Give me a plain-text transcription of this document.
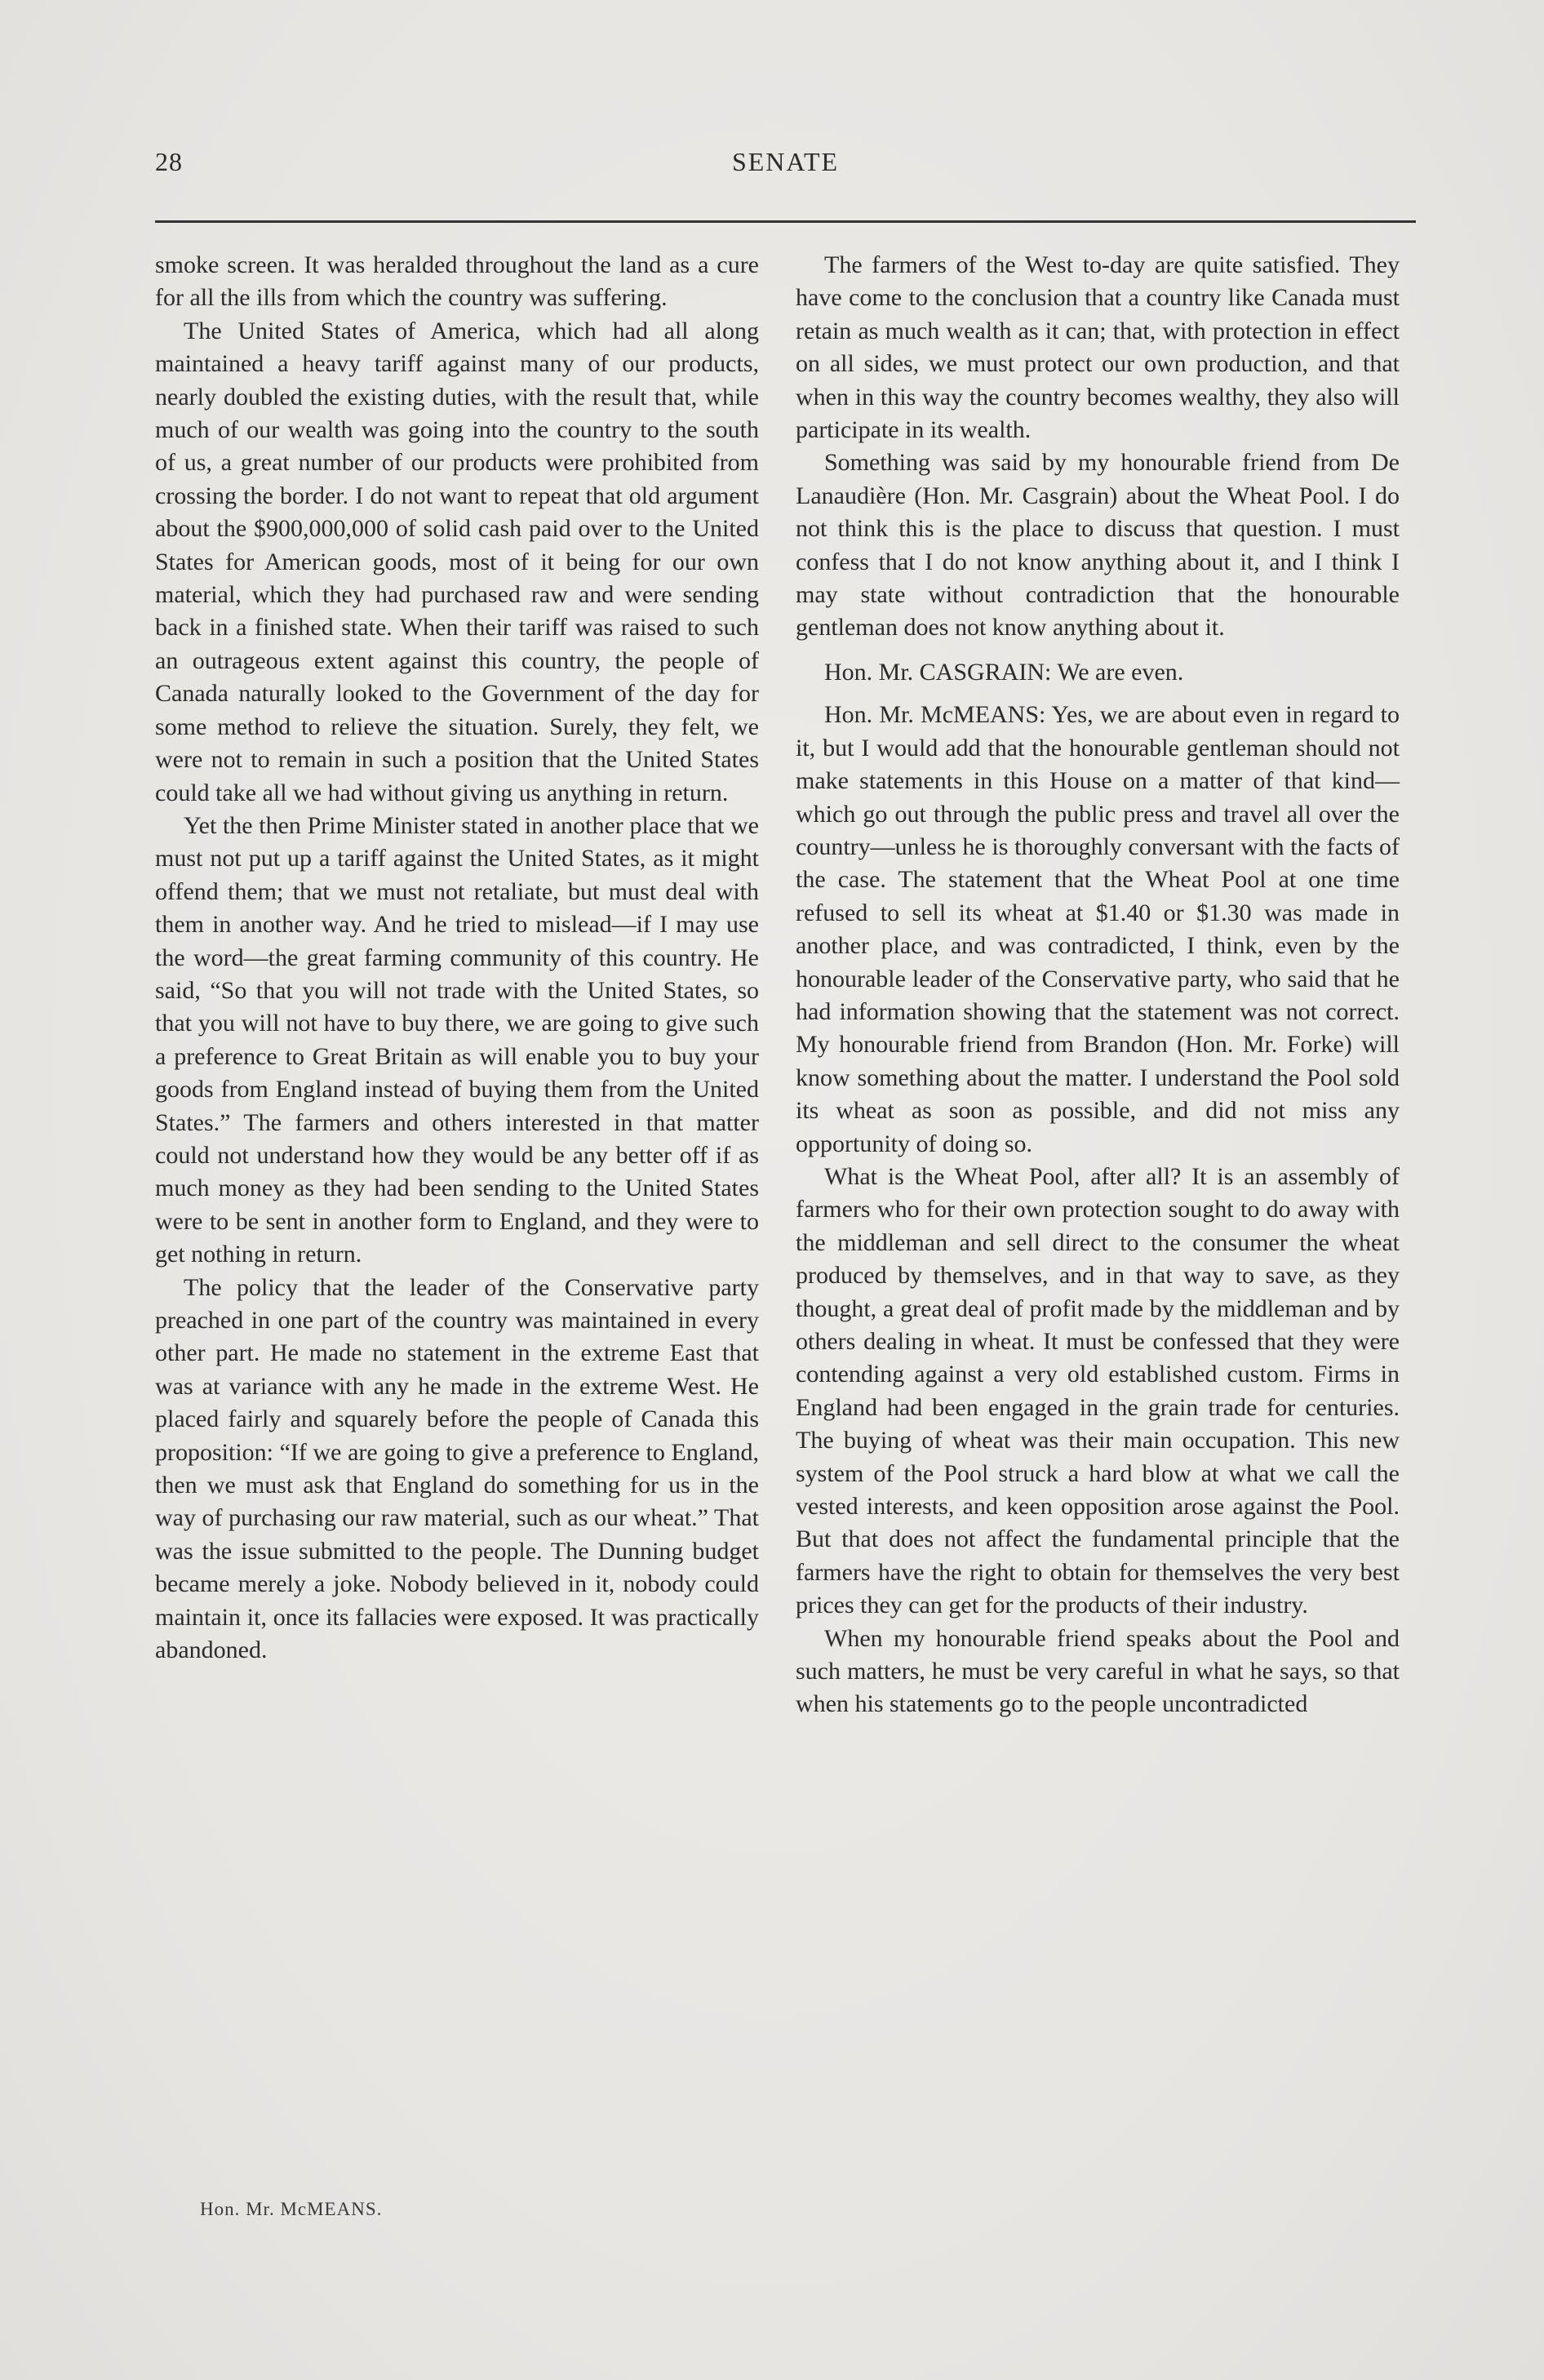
28	SENATE

smoke screen. It was heralded throughout the land as a cure for all the ills from which the country was suffering.

The United States of America, which had all along maintained a heavy tariff against many of our products, nearly doubled the existing duties, with the result that, while much of our wealth was going into the country to the south of us, a great number of our products were prohibited from crossing the border. I do not want to repeat that old argument about the $900,000,000 of solid cash paid over to the United States for American goods, most of it being for our own material, which they had purchased raw and were sending back in a finished state. When their tariff was raised to such an outrageous extent against this country, the people of Canada naturally looked to the Government of the day for some method to relieve the situation. Surely, they felt, we were not to remain in such a position that the United States could take all we had without giving us anything in return.

Yet the then Prime Minister stated in another place that we must not put up a tariff against the United States, as it might offend them; that we must not retaliate, but must deal with them in another way. And he tried to mislead—if I may use the word—the great farming community of this country. He said, “So that you will not trade with the United States, so that you will not have to buy there, we are going to give such a preference to Great Britain as will enable you to buy your goods from England instead of buying them from the United States.” The farmers and others interested in that matter could not understand how they would be any better off if as much money as they had been sending to the United States were to be sent in another form to England, and they were to get nothing in return.

The policy that the leader of the Conservative party preached in one part of the country was maintained in every other part. He made no statement in the extreme East that was at variance with any he made in the extreme West. He placed fairly and squarely before the people of Canada this proposition: “If we are going to give a preference to England, then we must ask that England do something for us in the way of purchasing our raw material, such as our wheat.” That was the issue submitted to the people. The Dunning budget became merely a joke. Nobody believed in it, nobody could maintain it, once its fallacies were exposed. It was practically abandoned.

Hon. Mr. McMEANS.

The farmers of the West to-day are quite satisfied. They have come to the conclusion that a country like Canada must retain as much wealth as it can; that, with protection in effect on all sides, we must protect our own production, and that when in this way the country becomes wealthy, they also will participate in its wealth.

Something was said by my honourable friend from De Lanaudière (Hon. Mr. Casgrain) about the Wheat Pool. I do not think this is the place to discuss that question. I must confess that I do not know anything about it, and I think I may state without contradiction that the honourable gentleman does not know anything about it.

Hon. Mr. CASGRAIN: We are even.

Hon. Mr. McMEANS: Yes, we are about even in regard to it, but I would add that the honourable gentleman should not make statements in this House on a matter of that kind—which go out through the public press and travel all over the country—unless he is thoroughly conversant with the facts of the case. The statement that the Wheat Pool at one time refused to sell its wheat at $1.40 or $1.30 was made in another place, and was contradicted, I think, even by the honourable leader of the Conservative party, who said that he had information showing that the statement was not correct. My honourable friend from Brandon (Hon. Mr. Forke) will know something about the matter. I understand the Pool sold its wheat as soon as possible, and did not miss any opportunity of doing so.

What is the Wheat Pool, after all? It is an assembly of farmers who for their own protection sought to do away with the middleman and sell direct to the consumer the wheat produced by themselves, and in that way to save, as they thought, a great deal of profit made by the middleman and by others dealing in wheat. It must be confessed that they were contending against a very old established custom. Firms in England had been engaged in the grain trade for centuries. The buying of wheat was their main occupation. This new system of the Pool struck a hard blow at what we call the vested interests, and keen opposition arose against the Pool. But that does not affect the fundamental principle that the farmers have the right to obtain for themselves the very best prices they can get for the products of their industry.

When my honourable friend speaks about the Pool and such matters, he must be very careful in what he says, so that when his statements go to the people uncontradicted
